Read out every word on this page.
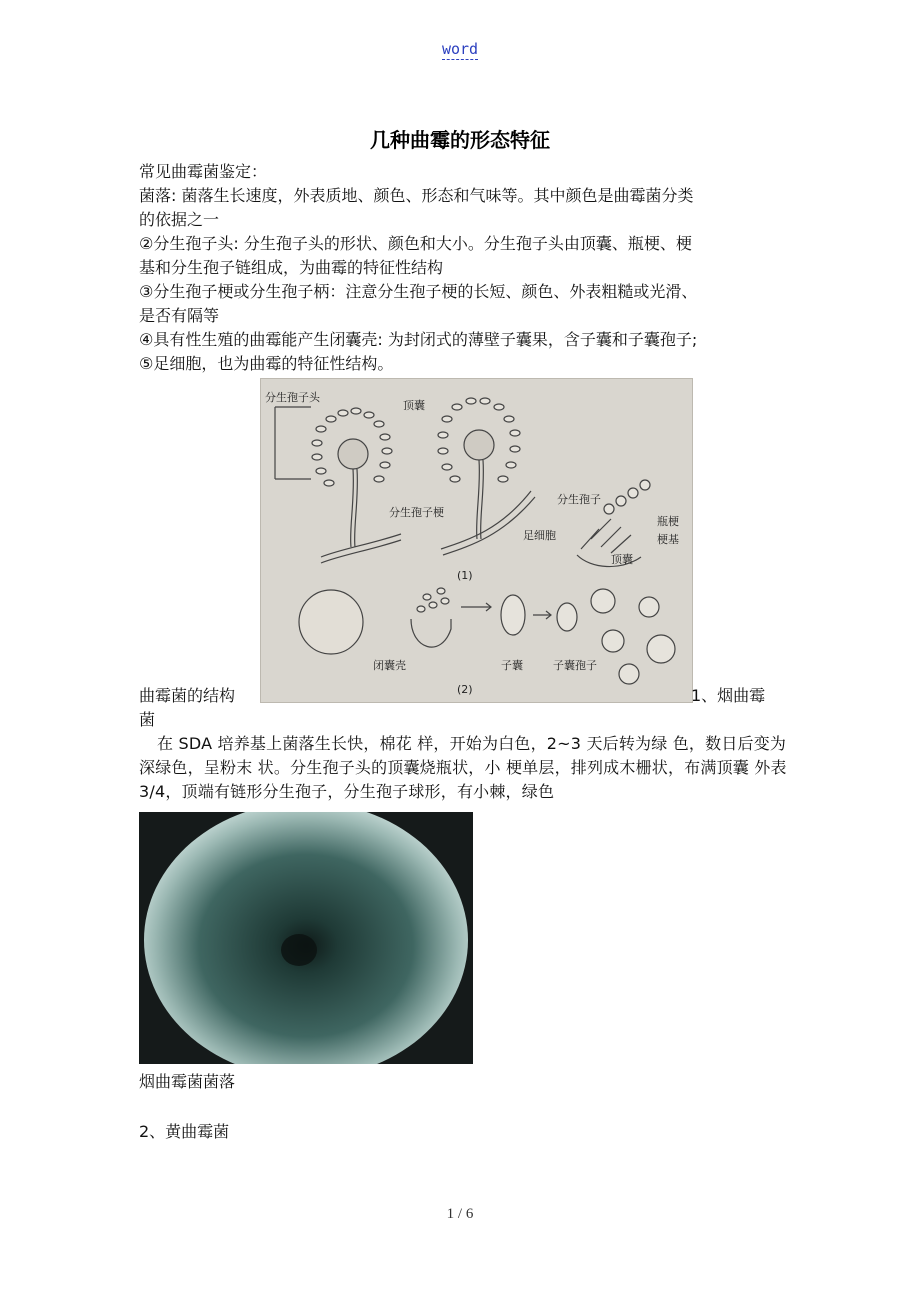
word
几种曲霉的形态特征

常见曲霉菌鉴定：

菌落: 菌落生长速度，外表质地、颜色、形态和气味等。其中颜色是曲霉菌分类

的依据之一

②分生孢子头: 分生孢子头的形状、颜色和大小。分生孢子头由顶囊、瓶梗、梗

基和分生孢子链组成，为曲霉的特征性结构

③分生孢子梗或分生孢子柄：注意分生孢子梗的长短、颜色、外表粗糙或光滑、

是否有隔等

④具有性生殖的曲霉能产生闭囊壳: 为封闭式的薄壁子囊果，含子囊和子囊孢子;

⑤足细胞，也为曲霉的特征性结构。

曲霉菌的结构
分生孢子头
顶囊
分生孢子梗
足细胞
分生孢子
瓶梗
梗基
顶囊
(1)
闭囊壳	子囊	子囊孢子
(2)	1、烟曲霉

菌

在 SDA 培养基上菌落生长快，棉花 样，开始为白色，2~3 天后转为绿 色，数日后变为深绿色，呈粉末 状。分生孢子头的顶囊烧瓶状，小 梗单层，排列成木栅状，布满顶囊 外表 3/4，顶端有链形分生孢子，分生孢子球形，有小棘，绿色

烟曲霉菌菌落
2、黄曲霉菌
1 / 6
